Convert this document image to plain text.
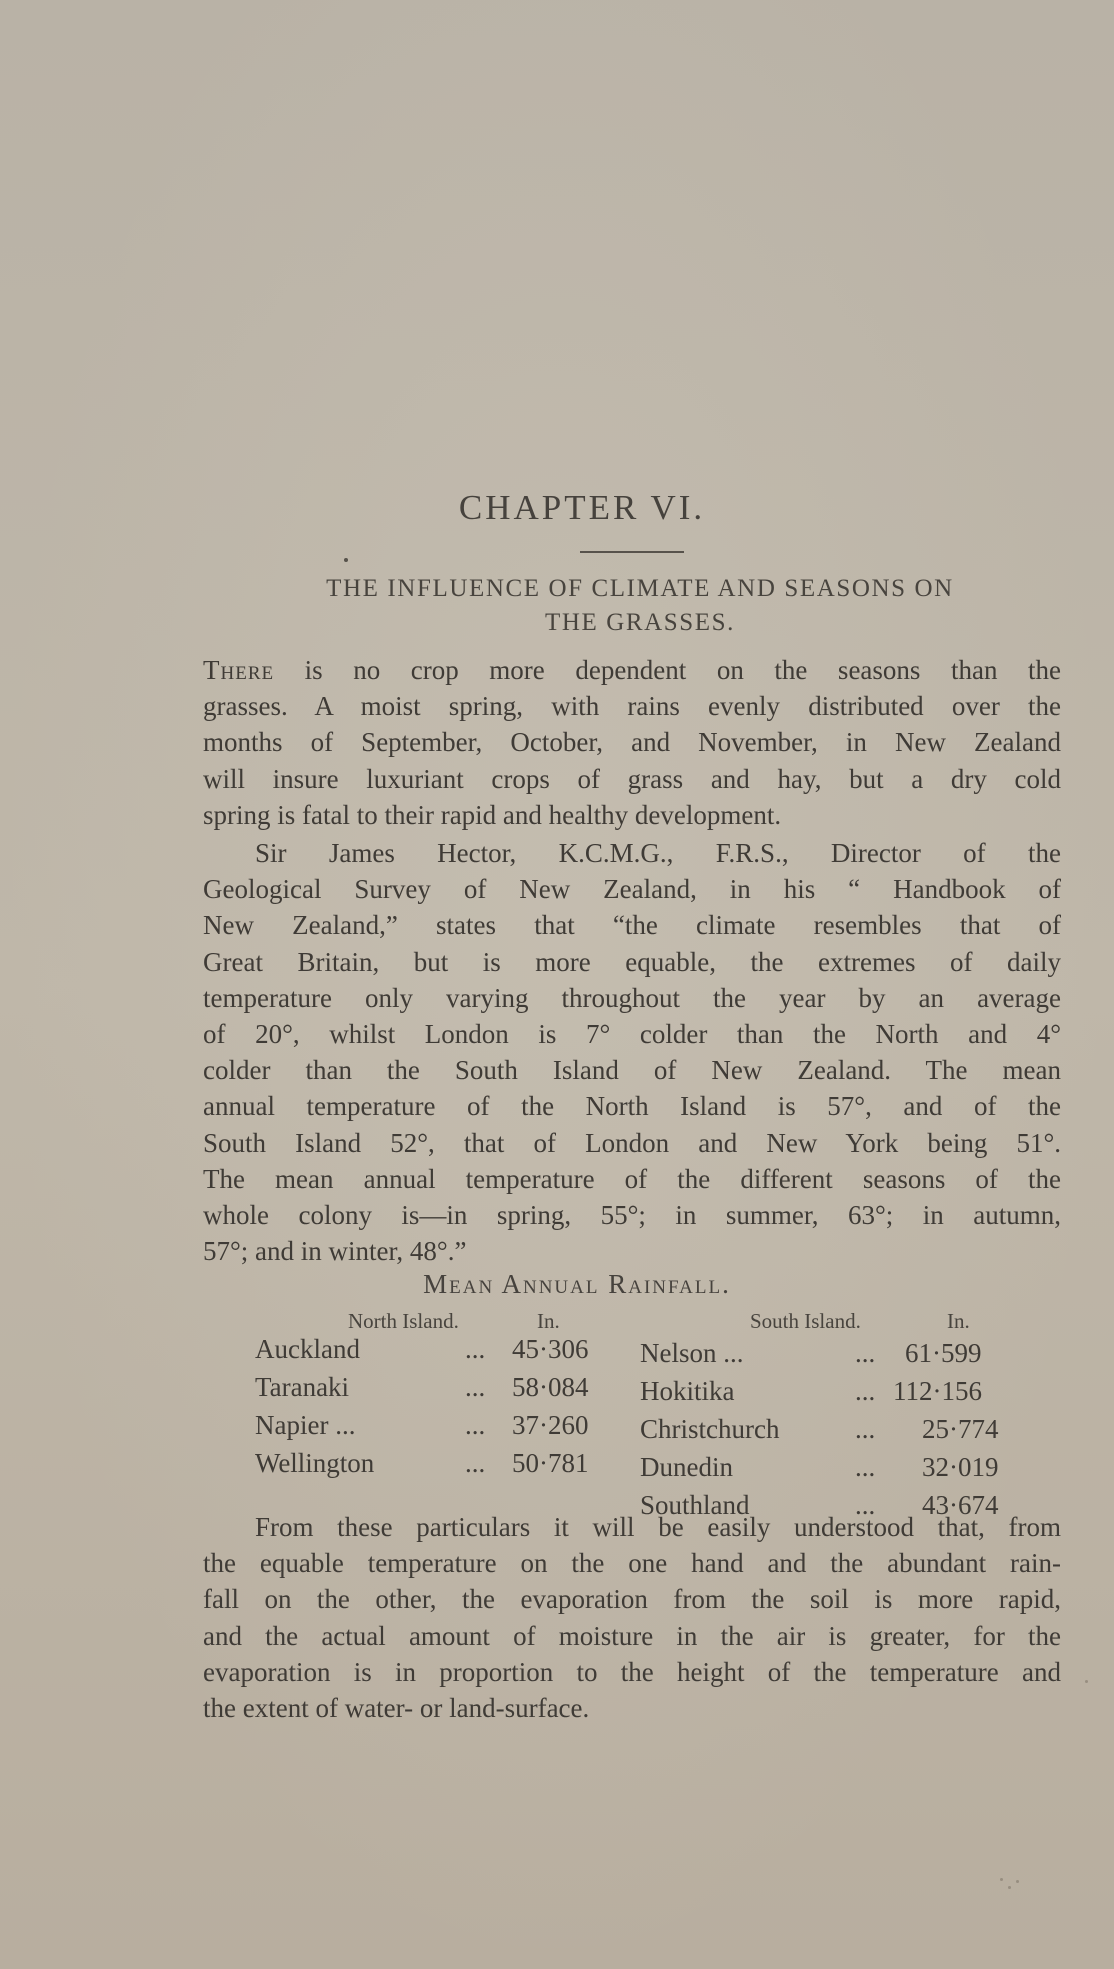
CHAPTER VI.
THE INFLUENCE OF CLIMATE AND SEASONS ON
THE GRASSES.
There is no crop more dependent on the seasons than the
grasses. A moist spring, with rains evenly distributed over the
months of September, October, and November, in New Zealand
will insure luxuriant crops of grass and hay, but a dry cold
spring is fatal to their rapid and healthy development.
Sir James Hector, K.C.M.G., F.R.S., Director of the
Geological Survey of New Zealand, in his “ Handbook of
New Zealand,” states that “the climate resembles that of
Great Britain, but is more equable, the extremes of daily
temperature only varying throughout the year by an average
of 20°, whilst London is 7° colder than the North and 4°
colder than the South Island of New Zealand. The mean
annual temperature of the North Island is 57°, and of the
South Island 52°, that of London and New York being 51°.
The mean annual temperature of the different seasons of the
whole colony is—in spring, 55°; in summer, 63°; in autumn,
57°; and in winter, 48°.”
Mean Annual Rainfall.
North Island.	In.	South Island.	In.
Auckland	... 45·306
Taranaki	... 58·084
Napier ...	... 37·260
Wellington	... 50·781
Nelson ...	... 61·599
Hokitika	... 112·156
Christchurch	... 25·774
Dunedin	... 32·019
Southland	... 43·674
From these particulars it will be easily understood that, from
the equable temperature on the one hand and the abundant rain-
fall on the other, the evaporation from the soil is more rapid,
and the actual amount of moisture in the air is greater, for the
evaporation is in proportion to the height of the temperature and
the extent of water- or land-surface.
